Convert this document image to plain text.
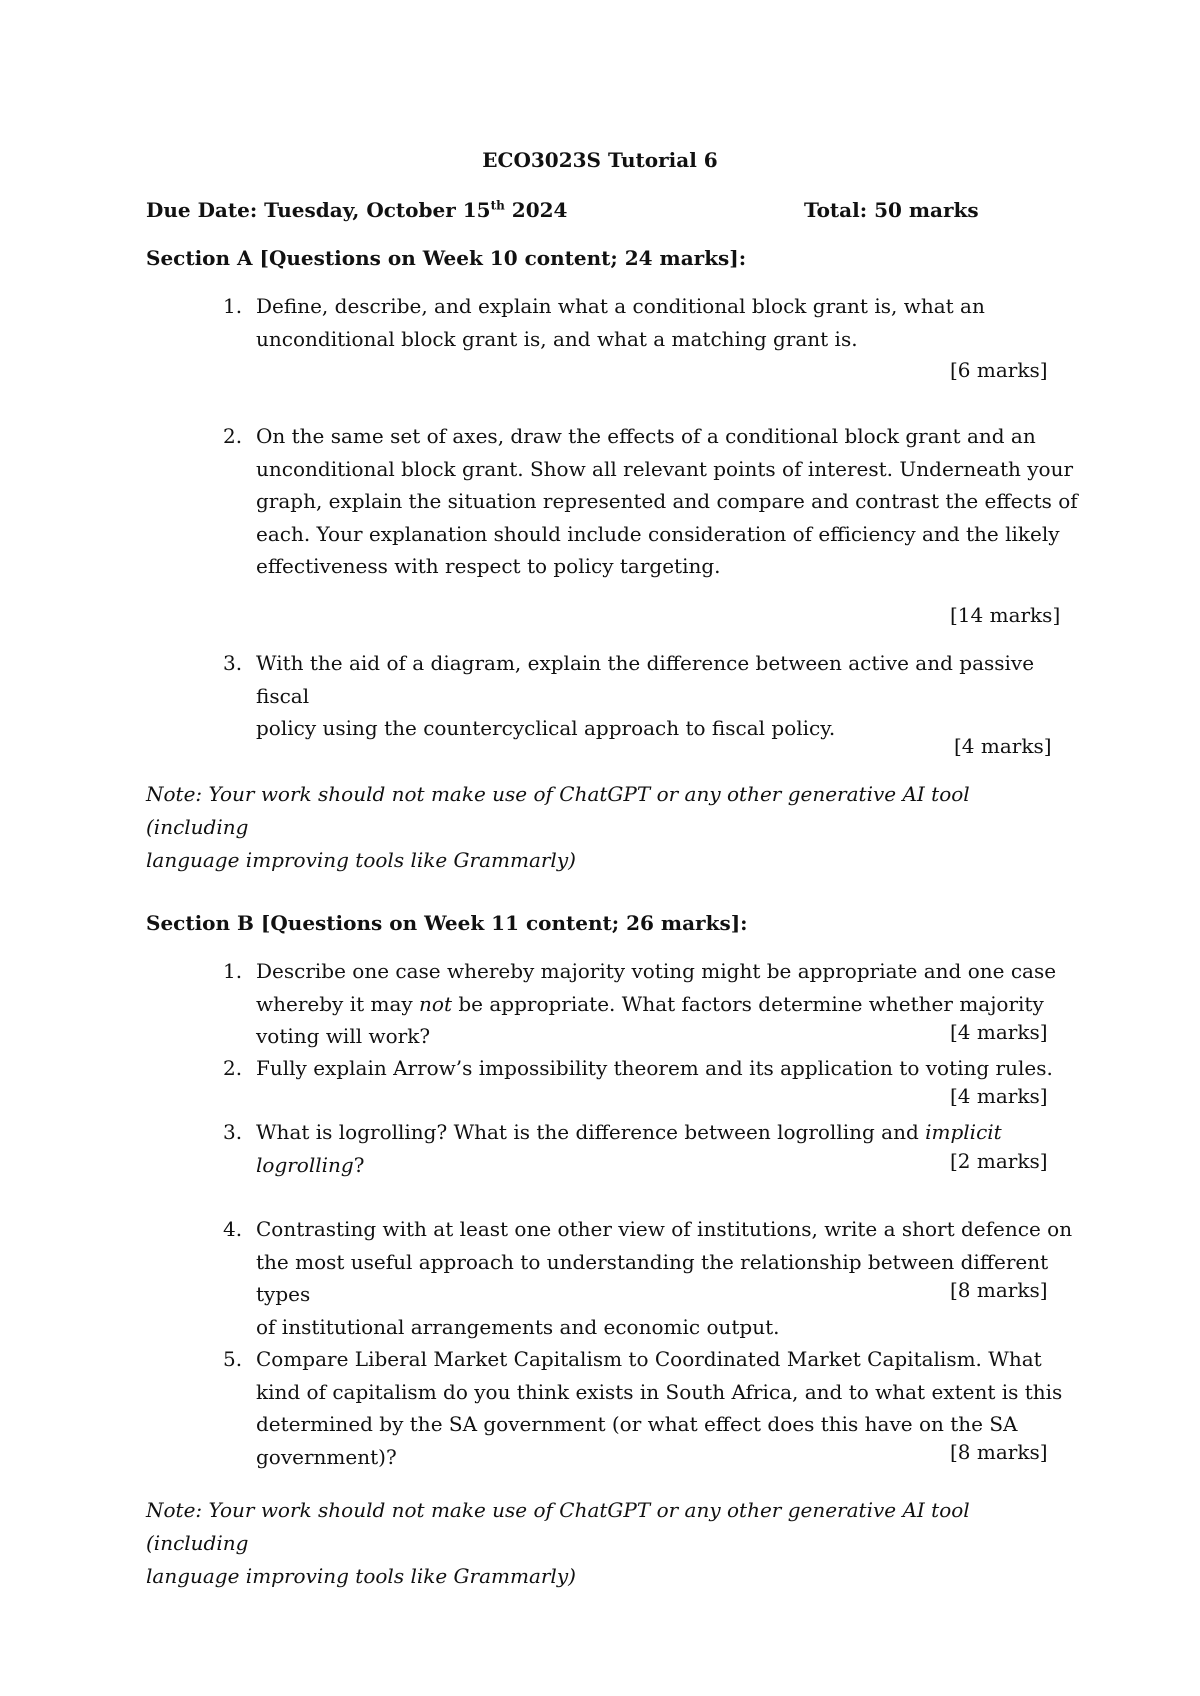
ECO3023S Tutorial 6
Due Date: Tuesday, October 15th 2024	Total: 50 marks
Section A [Questions on Week 10 content; 24 marks]:
1. Define, describe, and explain what a conditional block grant is, what an
unconditional block grant is, and what a matching grant is.
[6 marks]
2. On the same set of axes, draw the effects of a conditional block grant and an
unconditional block grant. Show all relevant points of interest. Underneath your
graph, explain the situation represented and compare and contrast the effects of
each. Your explanation should include consideration of efficiency and the likely
effectiveness with respect to policy targeting.
[14 marks]
3. With the aid of a diagram, explain the difference between active and passive fiscal
policy using the countercyclical approach to fiscal policy.
[4 marks]
Note: Your work should not make use of ChatGPT or any other generative AI tool (including
language improving tools like Grammarly)
Section B [Questions on Week 11 content; 26 marks]:
1. Describe one case whereby majority voting might be appropriate and one case
whereby it may not be appropriate. What factors determine whether majority
voting will work?	[4 marks]
2. Fully explain Arrow’s impossibility theorem and its application to voting rules.
[4 marks]
3. What is logrolling? What is the difference between logrolling and implicit
logrolling?	[2 marks]
4. Contrasting with at least one other view of institutions, write a short defence on
the most useful approach to understanding the relationship between different types
of institutional arrangements and economic output.
[8 marks]
5. Compare Liberal Market Capitalism to Coordinated Market Capitalism. What
kind of capitalism do you think exists in South Africa, and to what extent is this
determined by the SA government (or what effect does this have on the SA
government)?	[8 marks]
Note: Your work should not make use of ChatGPT or any other generative AI tool (including
language improving tools like Grammarly)
